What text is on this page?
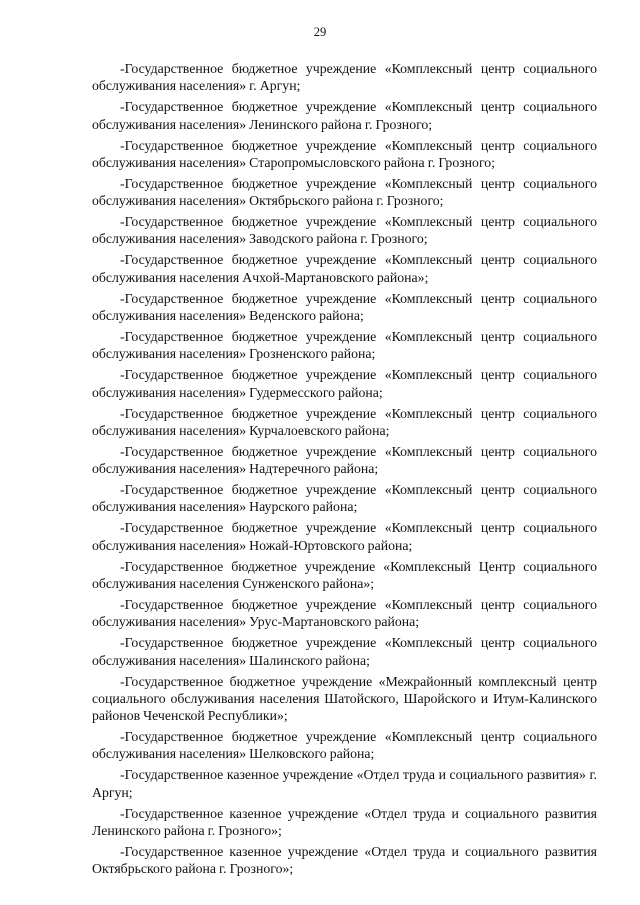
29

-Государственное бюджетное учреждение «Комплексный центр социального обслуживания населения» г. Аргун;

-Государственное бюджетное учреждение «Комплексный центр социального обслуживания населения» Ленинского района г. Грозного;

-Государственное бюджетное учреждение «Комплексный центр социального обслуживания населения» Старопромысловского района г. Грозного;

-Государственное бюджетное учреждение «Комплексный центр социального обслуживания населения» Октябрьского района г. Грозного;

-Государственное бюджетное учреждение «Комплексный центр социального обслуживания населения» Заводского района г. Грозного;

-Государственное бюджетное учреждение «Комплексный центр социального обслуживания населения Ачхой-Мартановского района»;

-Государственное бюджетное учреждение «Комплексный центр социального обслуживания населения» Веденского района;

-Государственное бюджетное учреждение «Комплексный центр социального обслуживания населения» Грозненского района;

-Государственное бюджетное учреждение «Комплексный центр социального обслуживания населения» Гудермесского района;

-Государственное бюджетное учреждение «Комплексный центр социального обслуживания населения» Курчалоевского района;

-Государственное бюджетное учреждение «Комплексный центр социального обслуживания населения» Надтеречного района;

-Государственное бюджетное учреждение «Комплексный центр социального обслуживания населения» Наурского района;

-Государственное бюджетное учреждение «Комплексный центр социального обслуживания населения» Ножай-Юртовского района;

-Государственное бюджетное учреждение «Комплексный Центр социального обслуживания населения Сунженского района»;

-Государственное бюджетное учреждение «Комплексный центр социального обслуживания населения» Урус-Мартановского района;

-Государственное бюджетное учреждение «Комплексный центр социального обслуживания населения» Шалинского района;

-Государственное бюджетное учреждение «Межрайонный комплексный центр социального обслуживания населения Шатойского, Шаройского и Итум-Калинского районов Чеченской Республики»;

-Государственное бюджетное учреждение «Комплексный центр социального обслуживания населения» Шелковского района;

-Государственное казенное учреждение «Отдел труда и социального развития» г. Аргун;

-Государственное казенное учреждение «Отдел труда и социального развития Ленинского района г. Грозного»;

-Государственное казенное учреждение «Отдел труда и социального развития Октябрьского района г. Грозного»;
